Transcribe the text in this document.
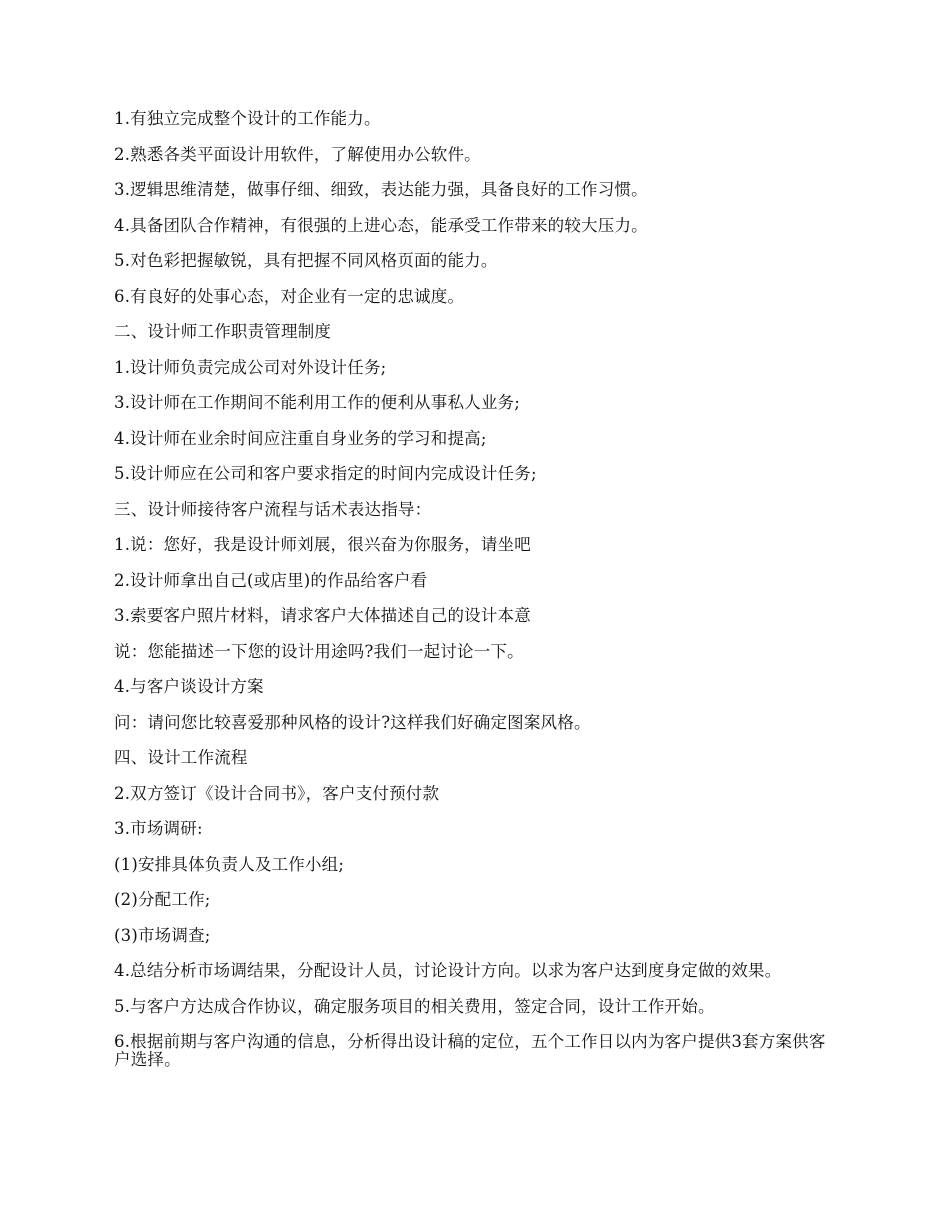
1.有独立完成整个设计的工作能力。

2.熟悉各类平面设计用软件，了解使用办公软件。

3.逻辑思维清楚，做事仔细、细致，表达能力强，具备良好的工作习惯。

4.具备团队合作精神，有很强的上进心态，能承受工作带来的较大压力。

5.对色彩把握敏锐，具有把握不同风格页面的能力。

6.有良好的处事心态，对企业有一定的忠诚度。

二、设计师工作职责管理制度

1.设计师负责完成公司对外设计任务;

3.设计师在工作期间不能利用工作的便利从事私人业务;

4.设计师在业余时间应注重自身业务的学习和提高;

5.设计师应在公司和客户要求指定的时间内完成设计任务;

三、设计师接待客户流程与话术表达指导：

1.说：您好，我是设计师刘展，很兴奋为你服务，请坐吧

2.设计师拿出自己(或店里)的作品给客户看

3.索要客户照片材料，请求客户大体描述自己的设计本意

说：您能描述一下您的设计用途吗?我们一起讨论一下。

4.与客户谈设计方案

问：请问您比较喜爱那种风格的设计?这样我们好确定图案风格。

四、设计工作流程

2.双方签订《设计合同书》，客户支付预付款

3.市场调研:

(1)安排具体负责人及工作小组;

(2)分配工作;

(3)市场调查;

4.总结分析市场调结果，分配设计人员，讨论设计方向。以求为客户达到度身定做的效果。

5.与客户方达成合作协议，确定服务项目的相关费用，签定合同，设计工作开始。

6.根据前期与客户沟通的信息，分析得出设计稿的定位，五个工作日以内为客户提供3套方案供客户选择。
